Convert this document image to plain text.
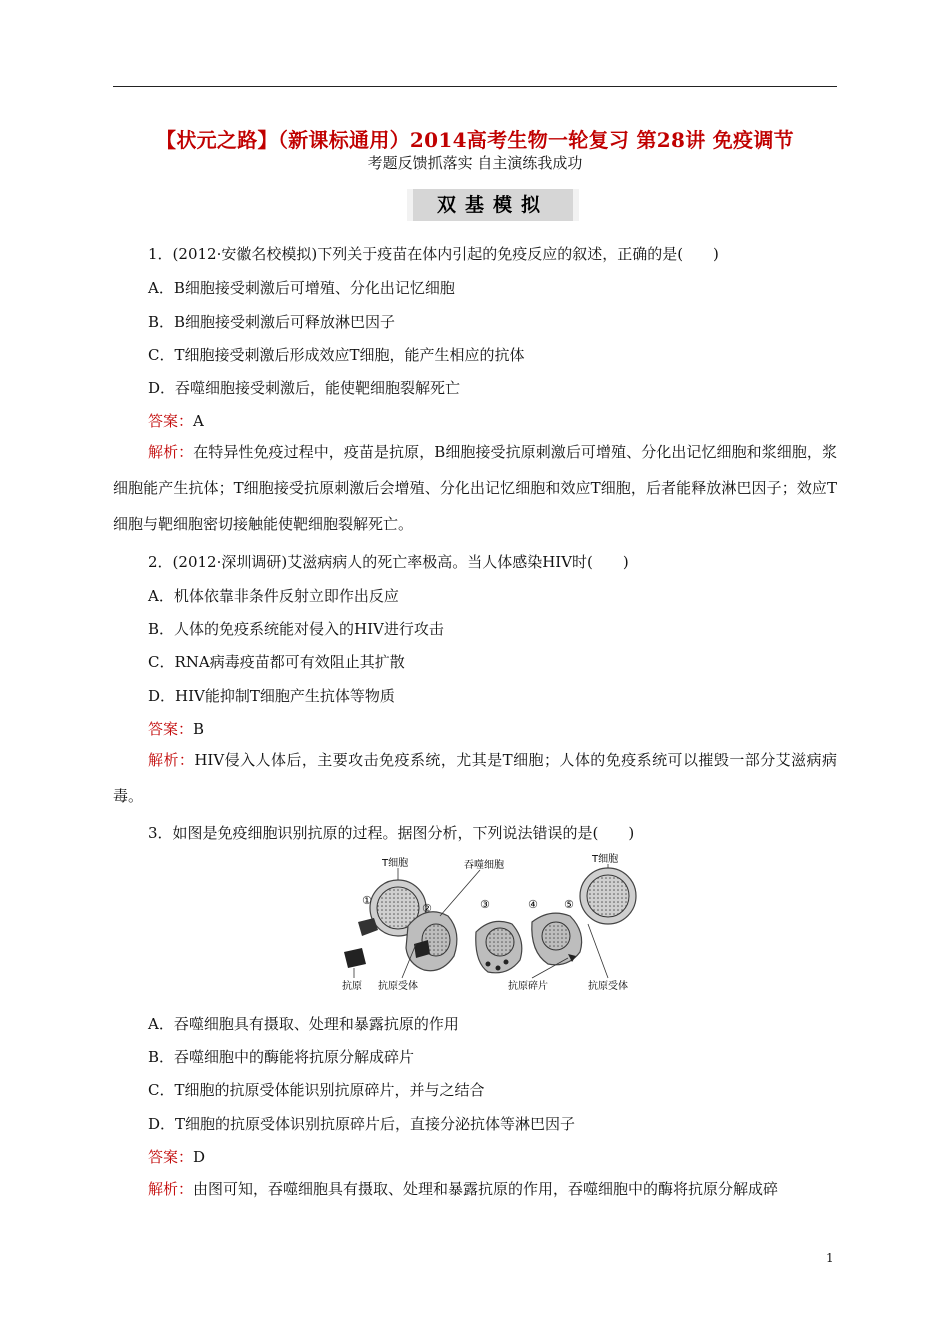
【状元之路】（新课标通用）2014高考生物一轮复习 第28讲 免疫调节
考题反馈抓落实 自主演练我成功
双基模拟
1．(2012·安徽名校模拟)下列关于疫苗在体内引起的免疫反应的叙述，正确的是(　　)
A．B细胞接受刺激后可增殖、分化出记忆细胞
B．B细胞接受刺激后可释放淋巴因子
C．T细胞接受刺激后形成效应T细胞，能产生相应的抗体
D．吞噬细胞接受刺激后，能使靶细胞裂解死亡
答案：A
解析：在特异性免疫过程中，疫苗是抗原，B细胞接受抗原刺激后可增殖、分化出记忆细胞和浆细胞，浆细胞能产生抗体；T细胞接受抗原刺激后会增殖、分化出记忆细胞和效应T细胞，后者能释放淋巴因子；效应T细胞与靶细胞密切接触能使靶细胞裂解死亡。
2．(2012·深圳调研)艾滋病病人的死亡率极高。当人体感染HIV时(　　)
A．机体依靠非条件反射立即作出反应
B．人体的免疫系统能对侵入的HIV进行攻击
C．RNA病毒疫苗都可有效阻止其扩散
D．HIV能抑制T细胞产生抗体等物质
答案：B
解析：HIV侵入人体后，主要攻击免疫系统，尤其是T细胞；人体的免疫系统可以摧毁一部分艾滋病病毒。
3．如图是免疫细胞识别抗原的过程。据图分析，下列说法错误的是(　　)
①
②	③	④ ⑤
T细胞	吞噬细胞
T细胞
抗原 抗原受体	抗原碎片	抗原受体
A．吞噬细胞具有摄取、处理和暴露抗原的作用
B．吞噬细胞中的酶能将抗原分解成碎片
C．T细胞的抗原受体能识别抗原碎片，并与之结合
D．T细胞的抗原受体识别抗原碎片后，直接分泌抗体等淋巴因子
答案：D
解析：由图可知，吞噬细胞具有摄取、处理和暴露抗原的作用，吞噬细胞中的酶将抗原分解成碎
1
